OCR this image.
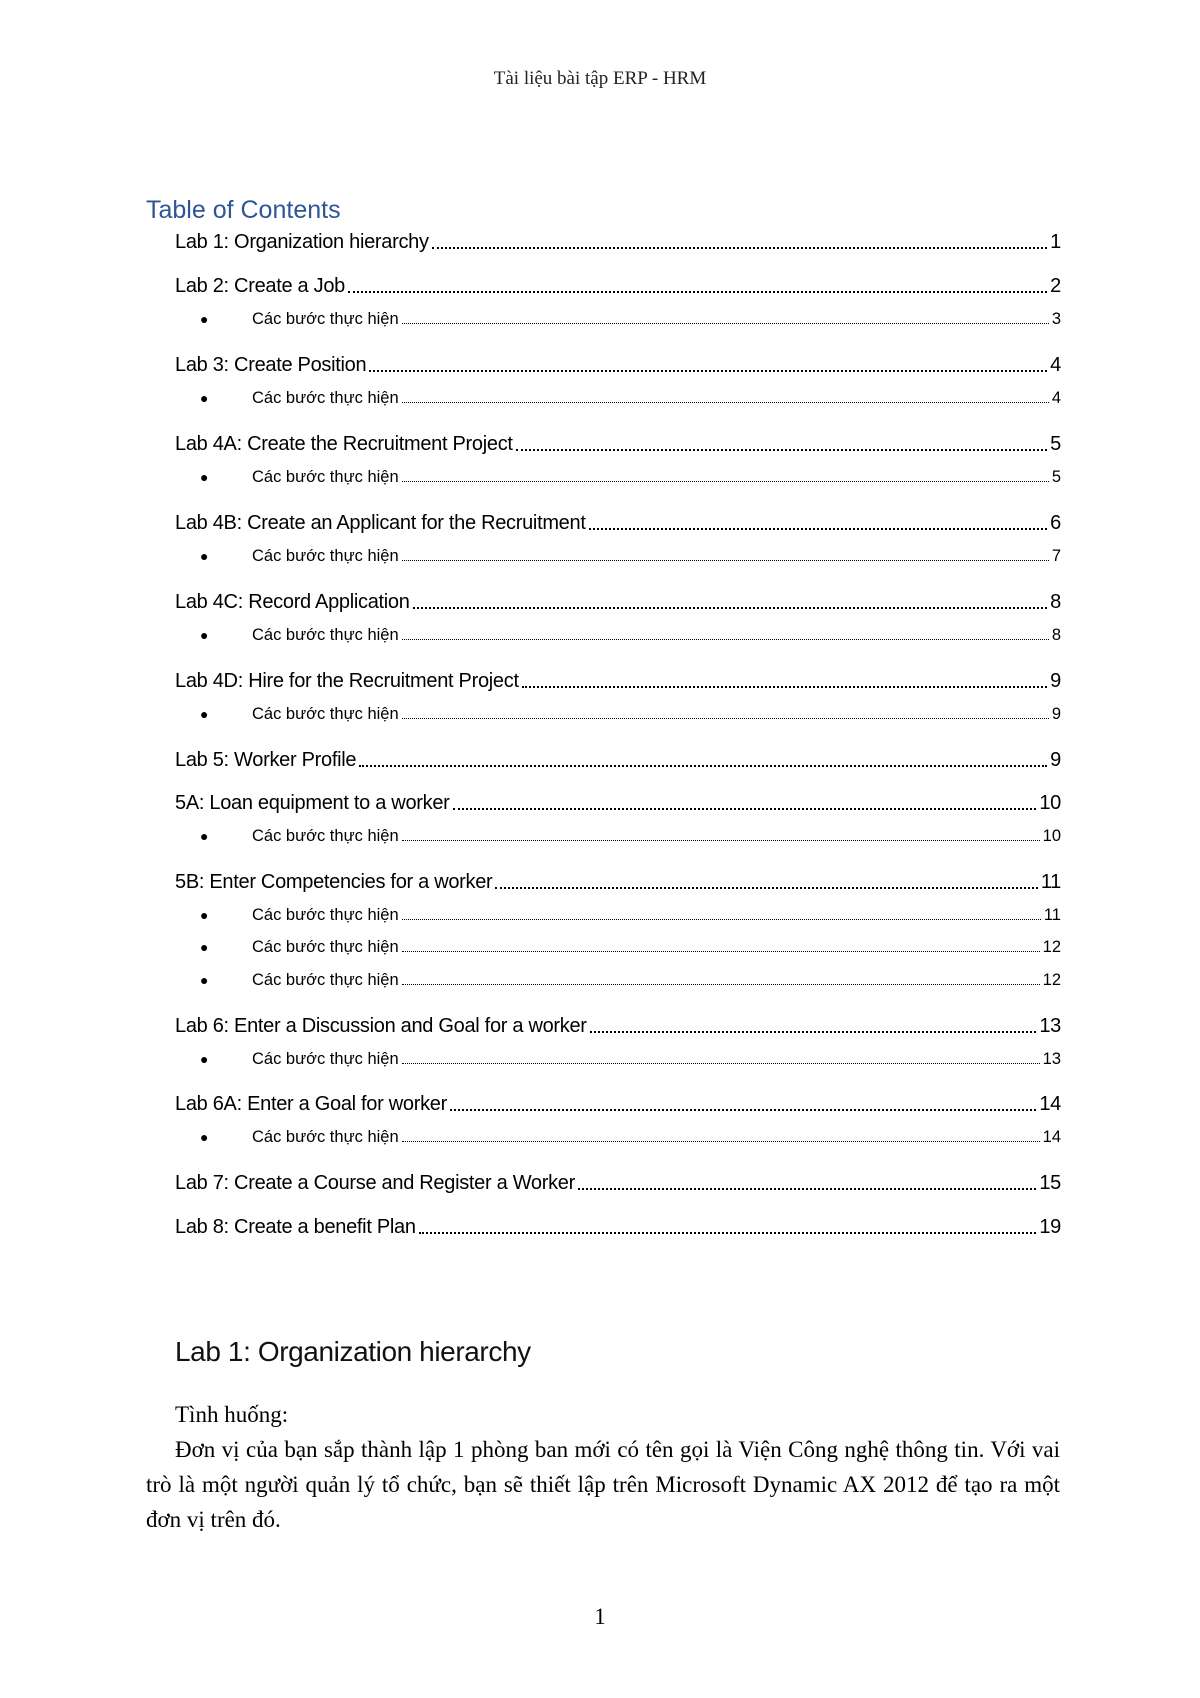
Tài liệu bài tập ERP - HRM
Table of Contents
Lab 1: Organization hierarchy	1
Lab 2: Create a Job	2
●	Các bước thực hiện	3
Lab 3: Create Position	4
●	Các bước thực hiện	4
Lab 4A: Create the Recruitment Project	5
●	Các bước thực hiện	5
Lab 4B: Create an Applicant for the Recruitment	6
●	Các bước thực hiện	7
Lab 4C: Record Application	8
●	Các bước thực hiện	8
Lab 4D: Hire for the Recruitment Project	9
●	Các bước thực hiện	9
Lab 5: Worker Profile	9
5A: Loan equipment to a worker	10
●	Các bước thực hiện	10
5B: Enter Competencies for a worker	11
●	Các bước thực hiện	11
●	Các bước thực hiện	12
●	Các bước thực hiện	12
Lab 6: Enter a Discussion and Goal for a worker	13
●	Các bước thực hiện	13
Lab 6A: Enter a Goal for worker	14
●	Các bước thực hiện	14
Lab 7: Create a Course and Register a Worker	15
Lab 8: Create a benefit Plan	19
Lab 1: Organization hierarchy
Tình huống:
Đơn vị của bạn sắp thành lập 1 phòng ban mới có tên gọi là Viện Công nghệ thông tin. Với vai trò là một người quản lý tổ chức, bạn sẽ thiết lập trên Microsoft Dynamic AX 2012 để tạo ra một đơn vị trên đó.
1
